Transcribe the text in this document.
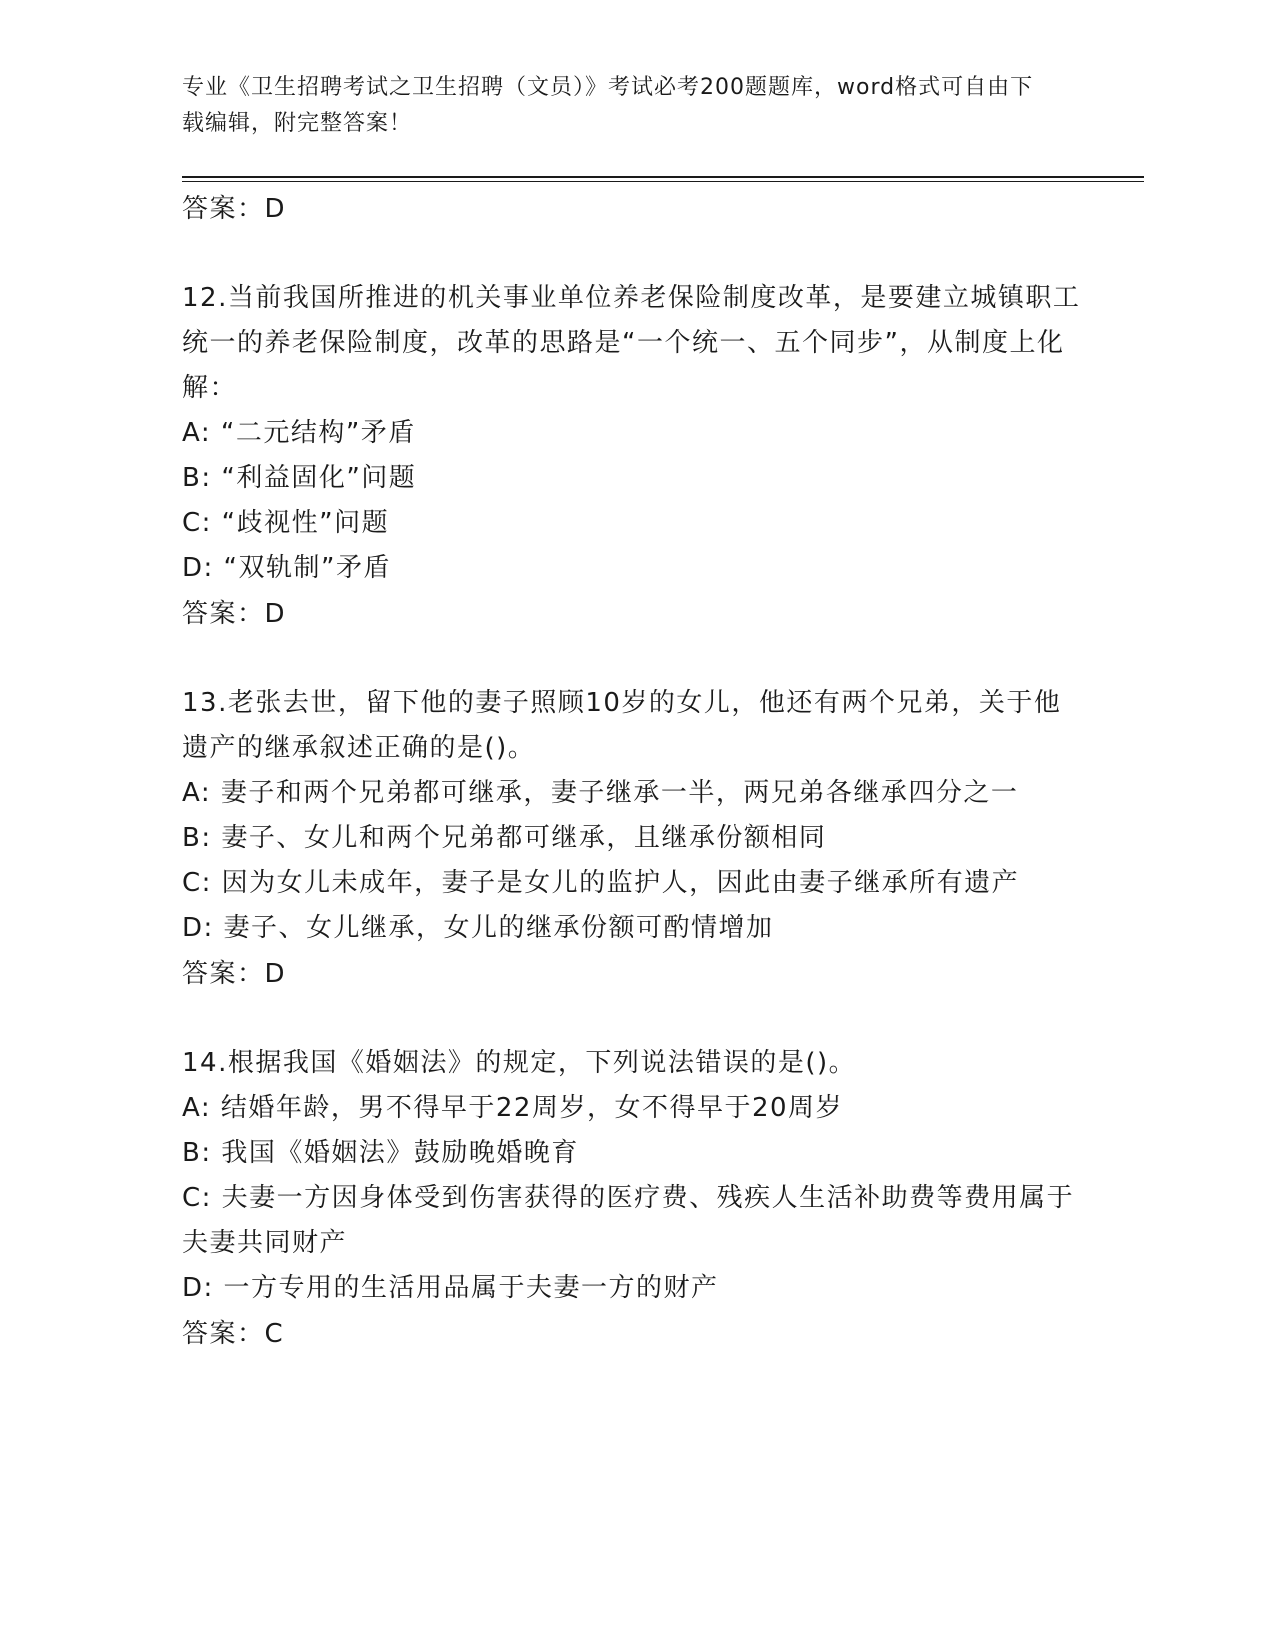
专业《卫生招聘考试之卫生招聘（文员）》考试必考200题题库，word格式可自由下载编辑，附完整答案！
答案：D
12.当前我国所推进的机关事业单位养老保险制度改革，是要建立城镇职工统一的养老保险制度，改革的思路是“一个统一、五个同步”，从制度上化解：
A: “二元结构”矛盾
B: “利益固化”问题
C: “歧视性”问题
D: “双轨制”矛盾
答案：D
13.老张去世，留下他的妻子照顾10岁的女儿，他还有两个兄弟，关于他遗产的继承叙述正确的是()。
A: 妻子和两个兄弟都可继承，妻子继承一半，两兄弟各继承四分之一
B: 妻子、女儿和两个兄弟都可继承，且继承份额相同
C: 因为女儿未成年，妻子是女儿的监护人，因此由妻子继承所有遗产
D: 妻子、女儿继承，女儿的继承份额可酌情增加
答案：D
14.根据我国《婚姻法》的规定，下列说法错误的是()。
A: 结婚年龄，男不得早于22周岁，女不得早于20周岁
B: 我国《婚姻法》鼓励晚婚晚育
C: 夫妻一方因身体受到伤害获得的医疗费、残疾人生活补助费等费用属于夫妻共同财产
D: 一方专用的生活用品属于夫妻一方的财产
答案：C
